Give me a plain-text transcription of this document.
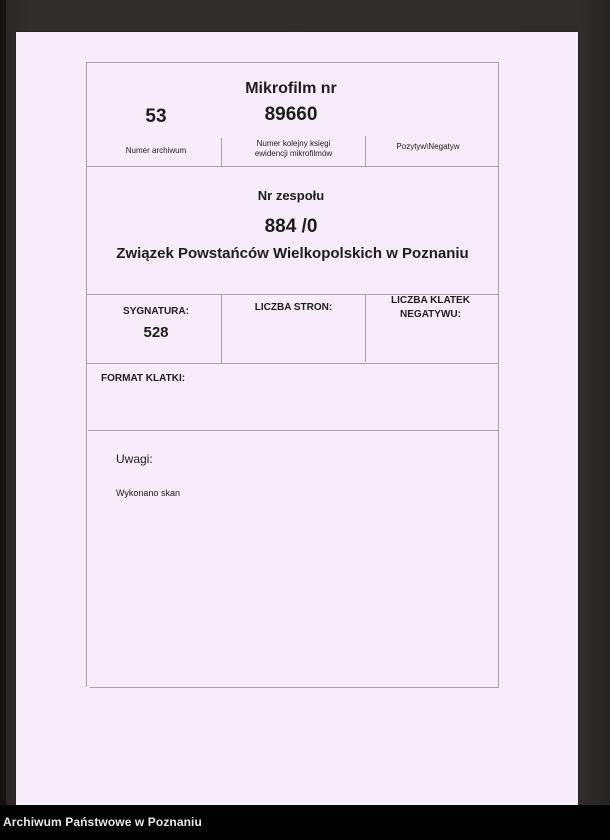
Mikrofilm nr
53	89660
Numer archiwum
Numer kolejny księgi
ewidencji mikrofilmów
Pozytyw\Negatyw
Nr zespołu
884 /0
Związek Powstańców Wielkopolskich w Poznaniu
SYGNATURA:
528
LICZBA STRON:
LICZBA KLATEK
NEGATYWU:
FORMAT KLATKI:
Uwagi:
Wykonano skan
Archiwum Państwowe w Poznaniu
